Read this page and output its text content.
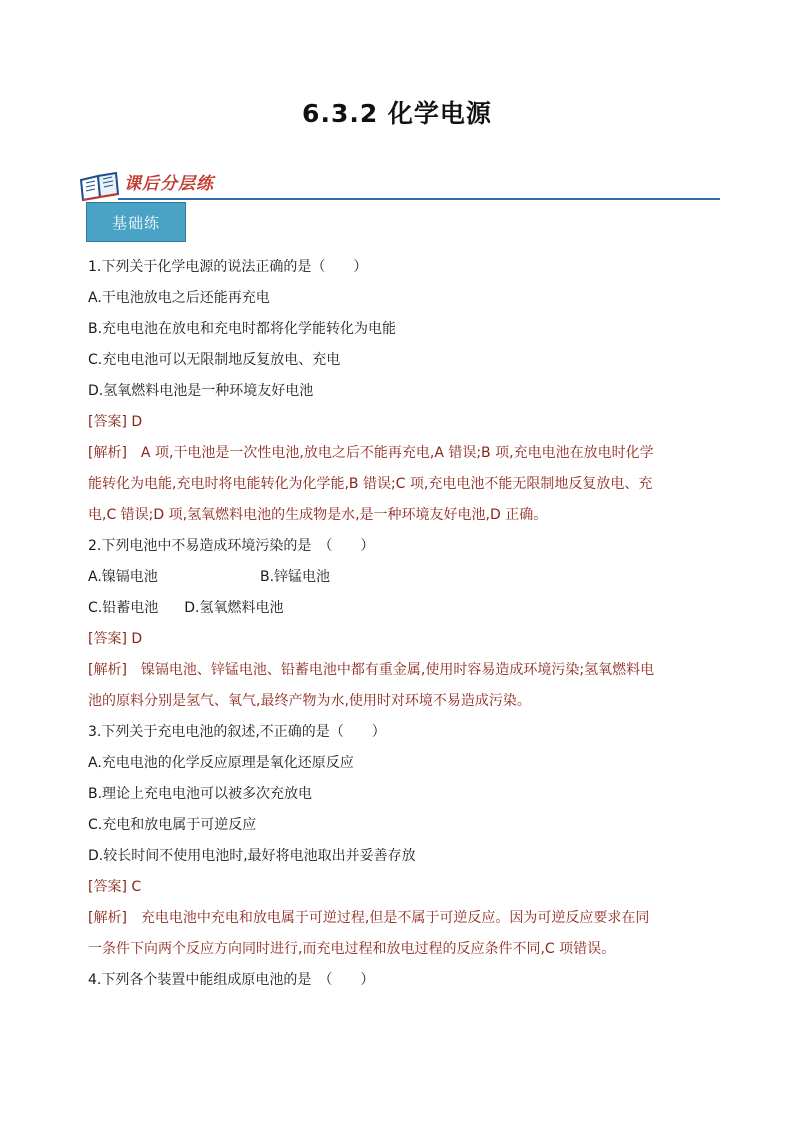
6.3.2 化学电源
课后分层练
基础练
1.下列关于化学电源的说法正确的是（　　）
A.干电池放电之后还能再充电
B.充电电池在放电和充电时都将化学能转化为电能
C.充电电池可以无限制地反复放电、充电
D.氢氧燃料电池是一种环境友好电池
[答案] D
[解析]　A 项,干电池是一次性电池,放电之后不能再充电,A 错误;B 项,充电电池在放电时化学
能转化为电能,充电时将电能转化为化学能,B 错误;C 项,充电电池不能无限制地反复放电、充
电,C 错误;D 项,氢氧燃料电池的生成物是水,是一种环境友好电池,D 正确。
2.下列电池中不易造成环境污染的是　（　　）
A.镍镉电池	B.锌锰电池
C.铅蓄电池 D.氢氧燃料电池
[答案] D
[解析]　镍镉电池、锌锰电池、铅蓄电池中都有重金属,使用时容易造成环境污染;氢氧燃料电
池的原料分别是氢气、氧气,最终产物为水,使用时对环境不易造成污染。
3.下列关于充电电池的叙述,不正确的是（　　）
A.充电电池的化学反应原理是氧化还原反应
B.理论上充电电池可以被多次充放电
C.充电和放电属于可逆反应
D.较长时间不使用电池时,最好将电池取出并妥善存放
[答案] C
[解析]　充电电池中充电和放电属于可逆过程,但是不属于可逆反应。因为可逆反应要求在同
一条件下向两个反应方向同时进行,而充电过程和放电过程的反应条件不同,C 项错误。
4.下列各个装置中能组成原电池的是　（　　）
